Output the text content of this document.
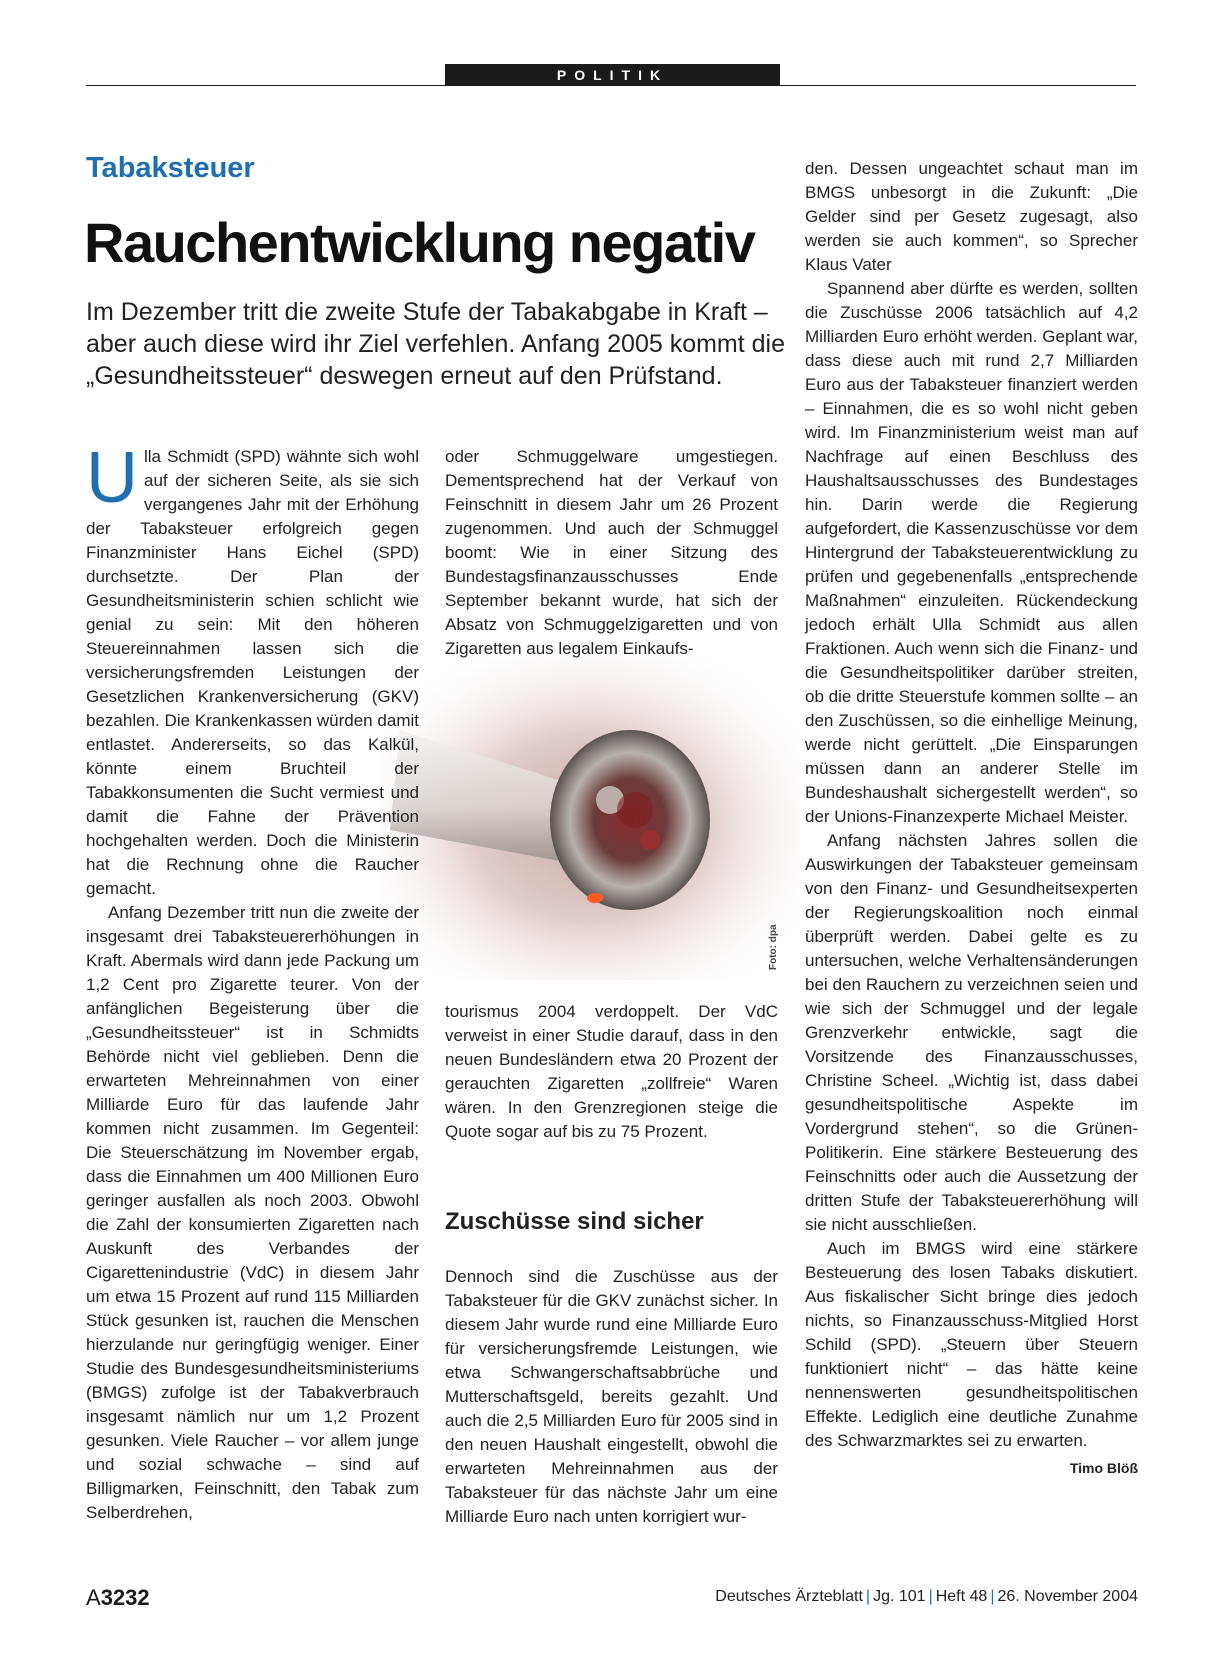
POLITIK
Tabaksteuer
Rauchentwicklung negativ
Im Dezember tritt die zweite Stufe der Tabakabgabe in Kraft – aber auch diese wird ihr Ziel verfehlen. Anfang 2005 kommt die „Gesundheitssteuer“ deswegen erneut auf den Prüfstand.
Foto: dpa

Ulla Schmidt (SPD) wähnte sich wohl auf der sicheren Seite, als sie sich vergangenes Jahr mit der Erhöhung der Tabaksteuer erfolgreich gegen Finanzminister Hans Eichel (SPD) durchsetzte. Der Plan der Gesundheitsministerin schien schlicht wie genial zu sein: Mit den höheren Steuereinnahmen lassen sich die versicherungsfremden Leistungen der Gesetzlichen Krankenversicherung (GKV) bezahlen. Die Krankenkassen würden damit entlastet. Andererseits, so das Kalkül, könnte einem Bruchteil der Tabakkonsumenten die Sucht vermiest und damit die Fahne der Prävention hochgehalten werden. Doch die Ministerin hat die Rechnung ohne die Raucher gemacht.

Anfang Dezember tritt nun die zweite der insgesamt drei Tabaksteuererhöhungen in Kraft. Abermals wird dann jede Packung um 1,2 Cent pro Zigarette teurer. Von der anfänglichen Begeisterung über die „Gesundheitssteuer“ ist in Schmidts Behörde nicht viel geblieben. Denn die erwarteten Mehreinnahmen von einer Milliarde Euro für das laufende Jahr kommen nicht zusammen. Im Gegenteil: Die Steuerschätzung im November ergab, dass die Einnahmen um 400 Millionen Euro geringer ausfallen als noch 2003. Obwohl die Zahl der konsumierten Zigaretten nach Auskunft des Verbandes der Cigarettenindustrie (VdC) in diesem Jahr um etwa 15 Prozent auf rund 115 Milliarden Stück gesunken ist, rauchen die Menschen hierzulande nur geringfügig weniger. Einer Studie des Bundesgesundheitsministeriums (BMGS) zufolge ist der Tabakverbrauch insgesamt nämlich nur um 1,2 Prozent gesunken. Viele Raucher – vor allem junge und sozial schwache – sind auf Billigmarken, Feinschnitt, den Tabak zum Selberdrehen,

oder Schmuggelware umgestiegen. Dementsprechend hat der Verkauf von Feinschnitt in diesem Jahr um 26 Prozent zugenommen. Und auch der Schmuggel boomt: Wie in einer Sitzung des Bundestagsfinanzausschusses Ende September bekannt wurde, hat sich der Absatz von Schmuggelzigaretten und von Zigaretten aus legalem Einkaufs-

tourismus 2004 verdoppelt. Der VdC verweist in einer Studie darauf, dass in den neuen Bundesländern etwa 20 Prozent der gerauchten Zigaretten „zollfreie“ Waren wären. In den Grenzregionen steige die Quote sogar auf bis zu 75 Prozent.

Zuschüsse sind sicher

Dennoch sind die Zuschüsse aus der Tabaksteuer für die GKV zunächst sicher. In diesem Jahr wurde rund eine Milliarde Euro für versicherungsfremde Leistungen, wie etwa Schwangerschaftsabbrüche und Mutterschaftsgeld, bereits gezahlt. Und auch die 2,5 Milliarden Euro für 2005 sind in den neuen Haushalt eingestellt, obwohl die erwarteten Mehreinnahmen aus der Tabaksteuer für das nächste Jahr um eine Milliarde Euro nach unten korrigiert wur-

den. Dessen ungeachtet schaut man im BMGS unbesorgt in die Zukunft: „Die Gelder sind per Gesetz zugesagt, also werden sie auch kommen“, so Sprecher Klaus Vater

Spannend aber dürfte es werden, sollten die Zuschüsse 2006 tatsächlich auf 4,2 Milliarden Euro erhöht werden. Geplant war, dass diese auch mit rund 2,7 Milliarden Euro aus der Tabaksteuer finanziert werden – Einnahmen, die es so wohl nicht geben wird. Im Finanzministerium weist man auf Nachfrage auf einen Beschluss des Haushaltsausschusses des Bundestages hin. Darin werde die Regierung aufgefordert, die Kassenzuschüsse vor dem Hintergrund der Tabaksteuerentwicklung zu prüfen und gegebenenfalls „entsprechende Maßnahmen“ einzuleiten. Rückendeckung jedoch erhält Ulla Schmidt aus allen Fraktionen. Auch wenn sich die Finanz- und die Gesundheitspolitiker darüber streiten, ob die dritte Steuerstufe kommen sollte – an den Zuschüssen, so die einhellige Meinung, werde nicht gerüttelt. „Die Einsparungen müssen dann an anderer Stelle im Bundeshaushalt sichergestellt werden“, so der Unions-Finanzexperte Michael Meister.

Anfang nächsten Jahres sollen die Auswirkungen der Tabaksteuer gemeinsam von den Finanz- und Gesundheitsexperten der Regierungskoalition noch einmal überprüft werden. Dabei gelte es zu untersuchen, welche Verhaltensänderungen bei den Rauchern zu verzeichnen seien und wie sich der Schmuggel und der legale Grenzverkehr entwickle, sagt die Vorsitzende des Finanzausschusses, Christine Scheel. „Wichtig ist, dass dabei gesundheitspolitische Aspekte im Vordergrund stehen“, so die Grünen-Politikerin. Eine stärkere Besteuerung des Feinschnitts oder auch die Aussetzung der dritten Stufe der Tabaksteuererhöhung will sie nicht ausschließen.

Auch im BMGS wird eine stärkere Besteuerung des losen Tabaks diskutiert. Aus fiskalischer Sicht bringe dies jedoch nichts, so Finanzausschuss-Mitglied Horst Schild (SPD). „Steuern über Steuern funktioniert nicht“ – das hätte keine nennenswerten gesundheitspolitischen Effekte. Lediglich eine deutliche Zunahme des Schwarzmarktes sei zu erwarten.
Timo Blöß

A3232	Deutsches Ärzteblatt | Jg. 101 | Heft 48 | 26. November 2004
